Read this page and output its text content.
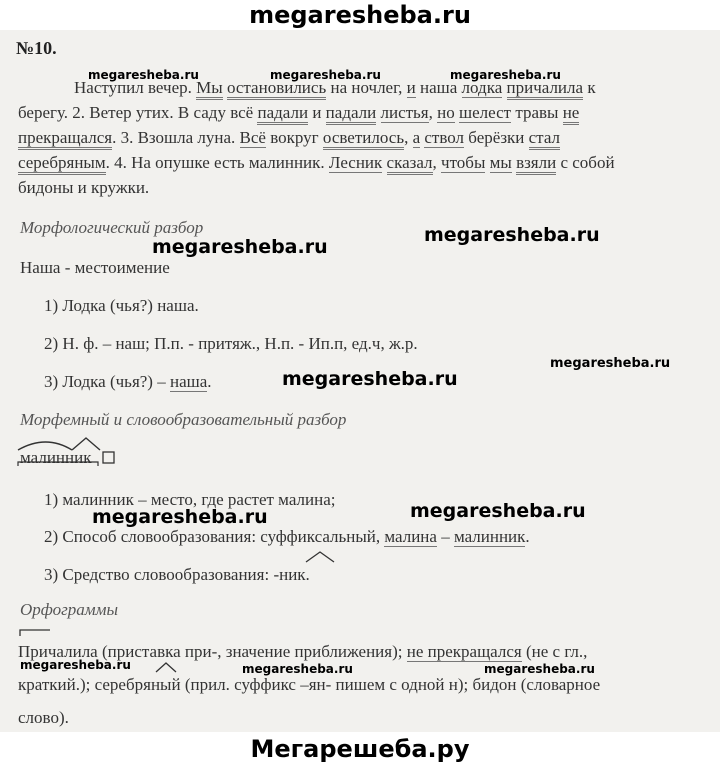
megaresheba.ru
№10.
Наступил вечер. Мы остановились на ночлег, и наша лодка причалила к
берегу. 2. Ветер утих. В саду всё падали и падали листья, но шелест травы не
прекращался. 3. Взошла луна. Всё вокруг осветилось, а ствол берёзки стал
серебряным. 4. На опушке есть малинник. Лесник сказал, чтобы мы взяли с собой
бидоны и кружки.
Морфологический разбор
Наша - местоимение
1) Лодка (чья?) наша.
2) Н. ф. – наш; П.п. - притяж., Н.п. - Ип.п, ед.ч, ж.р.
3) Лодка (чья?) – наша.
Морфемный и словообразовательный разбор
малинник
1) малинник – место, где растет малина;
2) Способ словообразования: суффиксальный, малина – малинник.
3) Средство словообразования: -ник.
Орфограммы
Причалила (приставка при-, значение приближения); не прекращался (не с гл.,
краткий.); серебряный (прил. суффикс –ян- пишем с одной н); бидон (словарное
слово).
megaresheba.ru	megaresheba.ru	megaresheba.ru
megaresheba.ru
megaresheba.ru
megaresheba.ru
megaresheba.ru
megaresheba.ru
megaresheba.ru
megaresheba.ru	megaresheba.ru	megaresheba.ru
Мегарешеба.ру
